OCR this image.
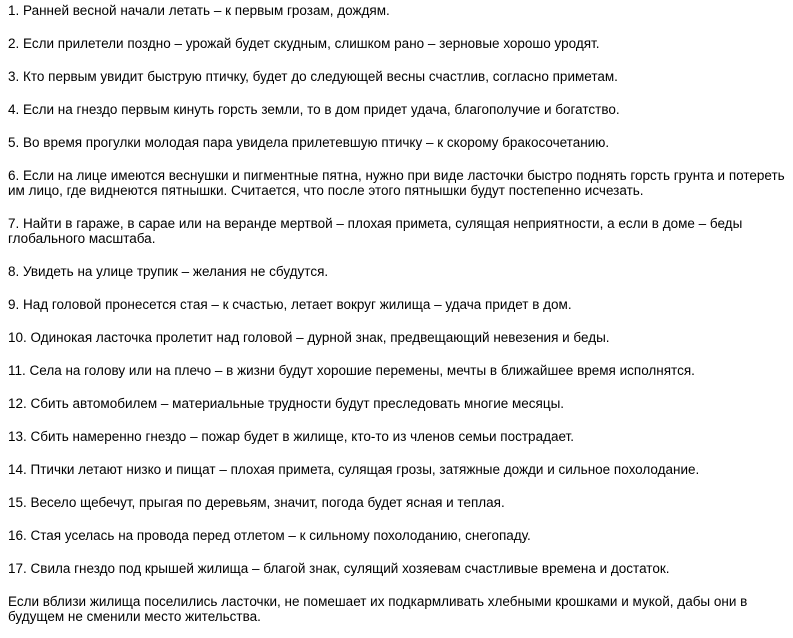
1. Ранней весной начали летать – к первым грозам, дождям.

2. Если прилетели поздно – урожай будет скудным, слишком рано – зерновые хорошо уродят.

3. Кто первым увидит быструю птичку, будет до следующей весны счастлив, согласно приметам.

4. Если на гнездо первым кинуть горсть земли, то в дом придет удача, благополучие и богатство.

5. Во время прогулки молодая пара увидела прилетевшую птичку – к скорому бракосочетанию.

6. Если на лице имеются веснушки и пигментные пятна, нужно при виде ласточки быстро поднять горсть грунта и потереть им лицо, где виднеются пятнышки. Считается, что после этого пятнышки будут постепенно исчезать.

7. Найти в гараже, в сарае или на веранде мертвой – плохая примета, сулящая неприятности, а если в доме – беды глобального масштаба.

8. Увидеть на улице трупик – желания не сбудутся.

9. Над головой пронесется стая – к счастью, летает вокруг жилища – удача придет в дом.

10. Одинокая ласточка пролетит над головой – дурной знак, предвещающий невезения и беды.

11. Села на голову или на плечо – в жизни будут хорошие перемены, мечты в ближайшее время исполнятся.

12. Сбить автомобилем – материальные трудности будут преследовать многие месяцы.

13. Сбить намеренно гнездо – пожар будет в жилище, кто-то из членов семьи пострадает.

14. Птички летают низко и пищат – плохая примета, сулящая грозы, затяжные дожди и сильное похолодание.

15. Весело щебечут, прыгая по деревьям, значит, погода будет ясная и теплая.

16. Стая уселась на провода перед отлетом – к сильному похолоданию, снегопаду.

17. Свила гнездо под крышей жилища – благой знак, сулящий хозяевам счастливые времена и достаток.

Если вблизи жилища поселились ласточки, не помешает их подкармливать хлебными крошками и мукой, дабы они в будущем не сменили место жительства.
